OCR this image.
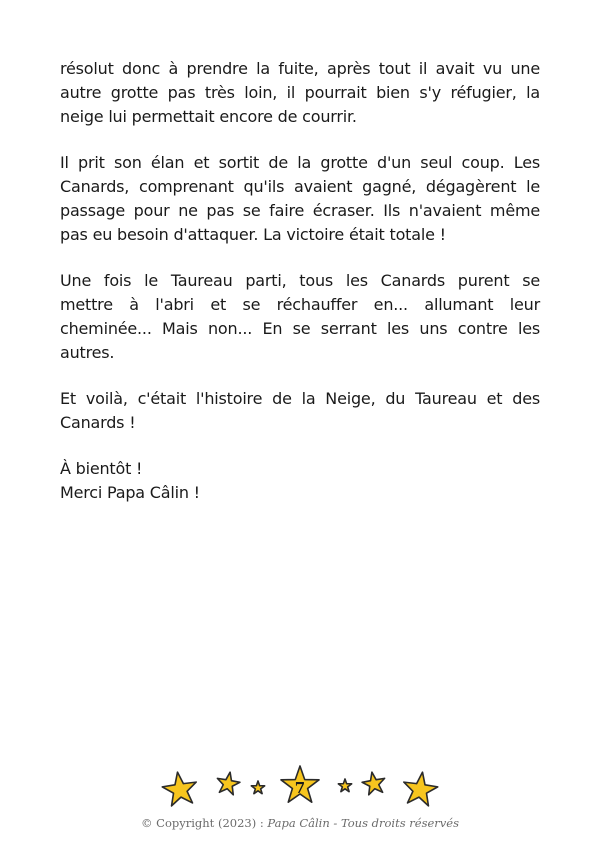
résolut donc à prendre la fuite, après tout il avait vu une
autre grotte pas très loin, il pourrait bien s'y réfugier, la
neige lui permettait encore de courrir.

Il prit son élan et sortit de la grotte d'un seul coup. Les
Canards, comprenant qu'ils avaient gagné, dégagèrent le
passage pour ne pas se faire écraser. Ils n'avaient même
pas eu besoin d'attaquer. La victoire était totale !

Une fois le Taureau parti, tous les Canards purent se
mettre à l'abri et se réchauffer en... allumant leur
cheminée... Mais non... En se serrant les uns contre les
autres.

Et voilà, c'était l'histoire de la Neige, du Taureau et des
Canards !

À bientôt !
Merci Papa Câlin !

7
© Copyright (2023) : Papa Câlin - Tous droits réservés
